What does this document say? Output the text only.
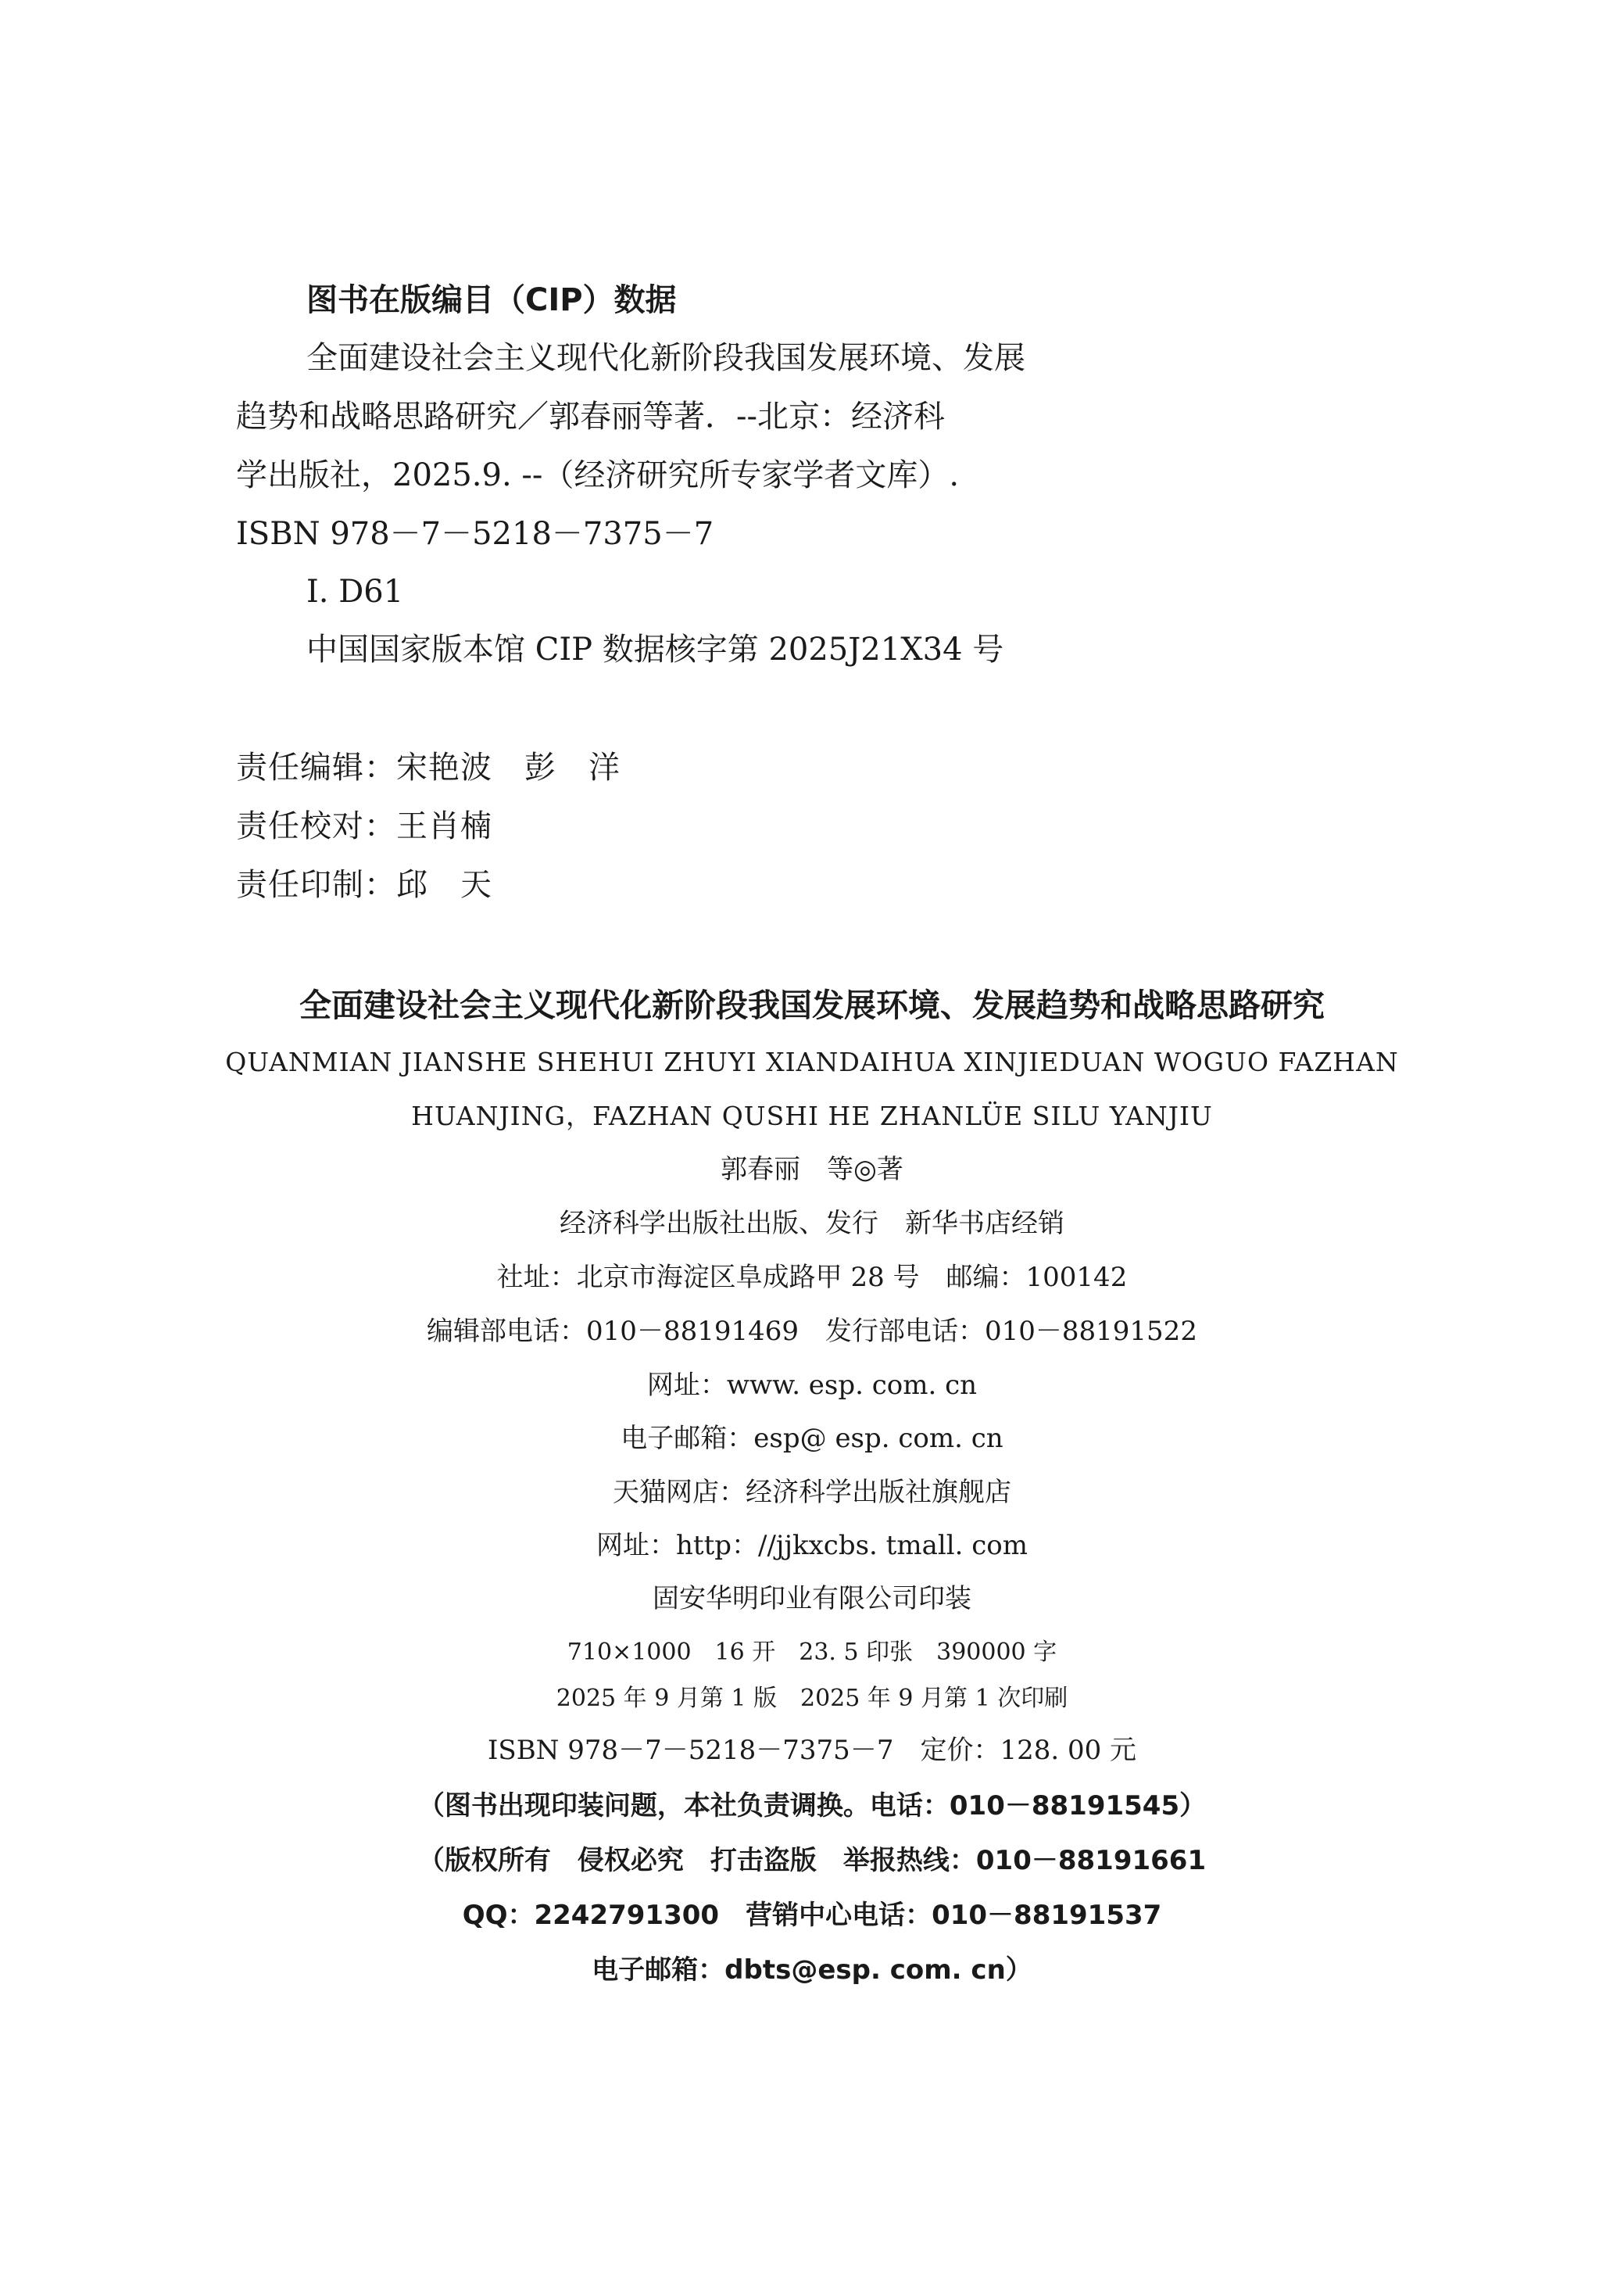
图书在版编目（CIP）数据
全面建设社会主义现代化新阶段我国发展环境、发展
趋势和战略思路研究／郭春丽等著．--北京：经济科
学出版社，2025.9. --（经济研究所专家学者文库）.
ISBN 978－7－5218－7375－7
Ⅰ. D61
中国国家版本馆 CIP 数据核字第 2025J21X34 号
责任编辑：宋艳波　彭　洋
责任校对：王肖楠
责任印制：邱　天
全面建设社会主义现代化新阶段我国发展环境、发展趋势和战略思路研究
QUANMIAN JIANSHE SHEHUI ZHUYI XIANDAIHUA XINJIEDUAN WOGUO FAZHAN
HUANJING，FAZHAN QUSHI HE ZHANLÜE SILU YANJIU
郭春丽　等◎著
经济科学出版社出版、发行　新华书店经销
社址：北京市海淀区阜成路甲 28 号　邮编：100142
编辑部电话：010－88191469　发行部电话：010－88191522
网址：www. esp. com. cn
电子邮箱：esp@ esp. com. cn
天猫网店：经济科学出版社旗舰店
网址：http：//jjkxcbs. tmall. com
固安华明印业有限公司印装
710×1000　16 开　23. 5 印张　390000 字
2025 年 9 月第 1 版　2025 年 9 月第 1 次印刷
ISBN 978－7－5218－7375－7　定价：128. 00 元
（图书出现印装问题，本社负责调换。电话：010－88191545）
（版权所有　侵权必究　打击盗版　举报热线：010－88191661
QQ：2242791300　营销中心电话：010－88191537
电子邮箱：dbts@esp. com. cn）
